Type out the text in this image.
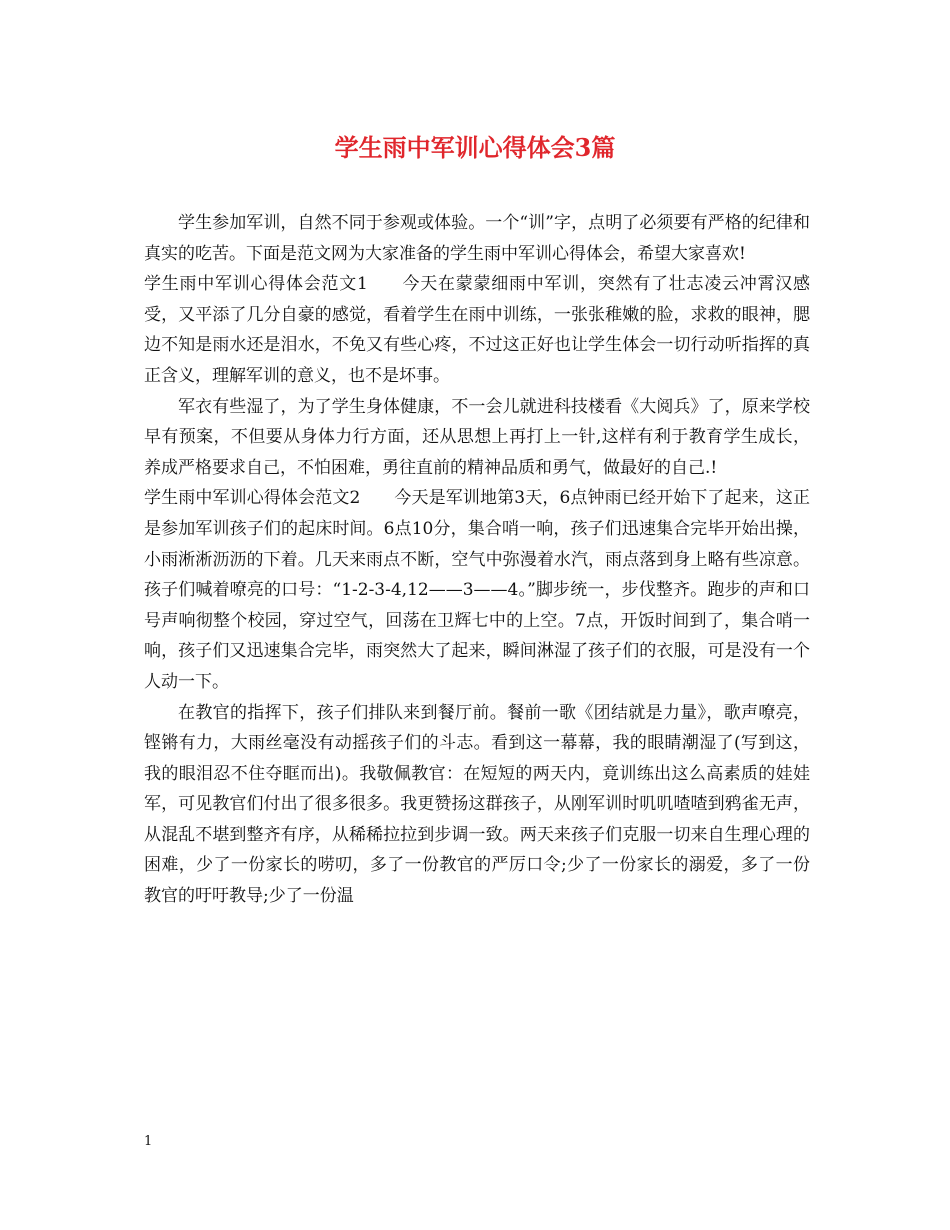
学生雨中军训心得体会3篇

学生参加军训，自然不同于参观或体验。一个“训”字，点明了必须要有严格的纪律和真实的吃苦。下面是范文网为大家准备的学生雨中军训心得体会，希望大家喜欢!

学生雨中军训心得体会范文1 今天在蒙蒙细雨中军训，突然有了壮志凌云冲霄汉感受，又平添了几分自豪的感觉，看着学生在雨中训练，一张张稚嫩的脸，求救的眼神，腮边不知是雨水还是泪水，不免又有些心疼，不过这正好也让学生体会一切行动听指挥的真正含义，理解军训的意义，也不是坏事。

军衣有些湿了，为了学生身体健康，不一会儿就进科技楼看《大阅兵》了，原来学校早有预案，不但要从身体力行方面，还从思想上再打上一针,这样有利于教育学生成长，养成严格要求自己，不怕困难，勇往直前的精神品质和勇气，做最好的自己.!

学生雨中军训心得体会范文2 今天是军训地第3天，6点钟雨已经开始下了起来，这正是参加军训孩子们的起床时间。6点10分，集合哨一响，孩子们迅速集合完毕开始出操，小雨淅淅沥沥的下着。几天来雨点不断，空气中弥漫着水汽，雨点落到身上略有些凉意。孩子们喊着嘹亮的口号：“1-2-3-4,12——3——4。”脚步统一，步伐整齐。跑步的声和口号声响彻整个校园，穿过空气，回荡在卫辉七中的上空。7点，开饭时间到了，集合哨一响，孩子们又迅速集合完毕，雨突然大了起来，瞬间淋湿了孩子们的衣服，可是没有一个人动一下。

在教官的指挥下，孩子们排队来到餐厅前。餐前一歌《团结就是力量》，歌声嘹亮，铿锵有力，大雨丝毫没有动摇孩子们的斗志。看到这一幕幕，我的眼睛潮湿了(写到这，我的眼泪忍不住夺眶而出)。我敬佩教官：在短短的两天内，竟训练出这么高素质的娃娃军，可见教官们付出了很多很多。我更赞扬这群孩子，从刚军训时叽叽喳喳到鸦雀无声，从混乱不堪到整齐有序，从稀稀拉拉到步调一致。两天来孩子们克服一切来自生理心理的困难，少了一份家长的唠叨，多了一份教官的严厉口令;少了一份家长的溺爱，多了一份教官的吁吁教导;少了一份温

1
